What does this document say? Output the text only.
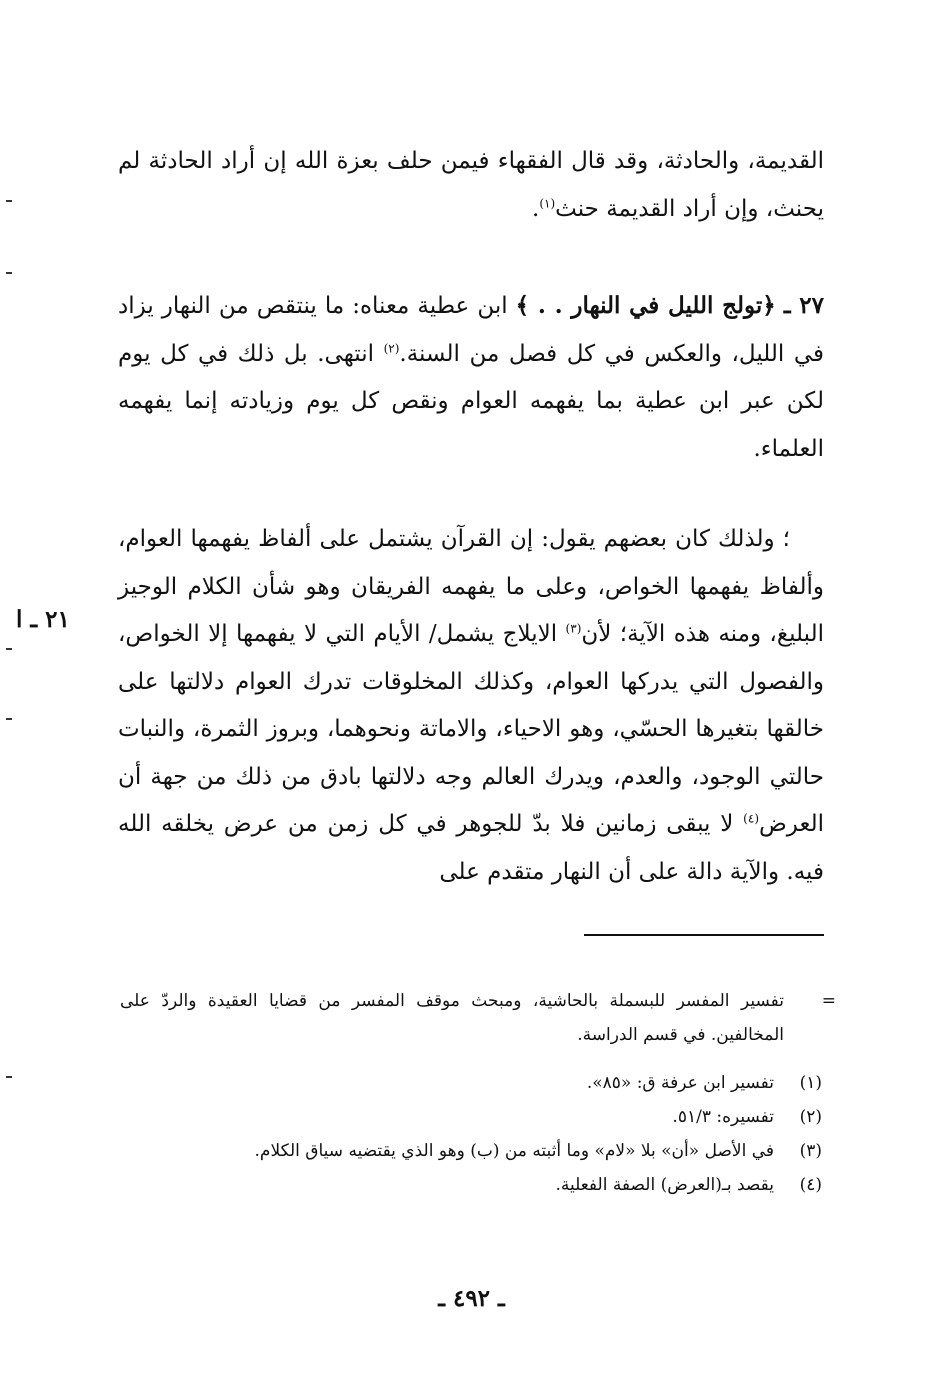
القديمة، والحادثة، وقد قال الفقهاء فيمن حلف بعزة الله إن أراد الحادثة لم يحنث، وإن أراد القديمة حنث$^{(١)}$.

٢٧ ـ ﴿تولج الليل في النهار . . ﴾ ابن عطية معناه: ما ينتقص من النهار يزاد في الليل، والعكس في كل فصل من السنة.$^{(٢)}$ انتهى. بل ذلك في كل يوم لكن عبر ابن عطية بما يفهمه العوام ونقص كل يوم وزيادته إنما يفهمه العلماء.

؛ ولذلك كان بعضهم يقول: إن القرآن يشتمل على ألفاظ يفهمها العوام، وألفاظ يفهمها الخواص، وعلى ما يفهمه الفريقان وهو شأن الكلام الوجيز البليغ، ومنه هذه الآية؛ لأن$^{(٣)}$ الايلاج يشمل/ الأيام التي لا يفهمها إلا الخواص، والفصول التي يدركها العوام، وكذلك المخلوقات تدرك العوام دلالتها على خالقها بتغيرها الحسّي، وهو الاحياء، والاماتة ونحوهما، وبروز الثمرة، والنبات حالتي الوجود، والعدم، ويدرك العالم وجه دلالتها بادق من ذلك من جهة أن العرض$^{(٤)}$ لا يبقى زمانين فلا بدّ للجوهر في كل زمن من عرض يخلقه الله فيه. والآية دالة على أن النهار متقدم على

٢١ ـ ا
=
تفسير المفسر للبسملة بالحاشية، ومبحث موقف المفسر من قضايا العقيدة والردّ على المخالفين. في قسم الدراسة.
(١)
تفسير ابن عرفة ق: «٨٥».
(٢)
تفسيره: ٥١/٣.
(٣)
في الأصل «أن» بلا «لام» وما أثبته من (ب) وهو الذي يقتضيه سياق الكلام.
(٤)
يقصد بـ(العرض) الصفة الفعلية.
ـ ٤٩٢ ـ
